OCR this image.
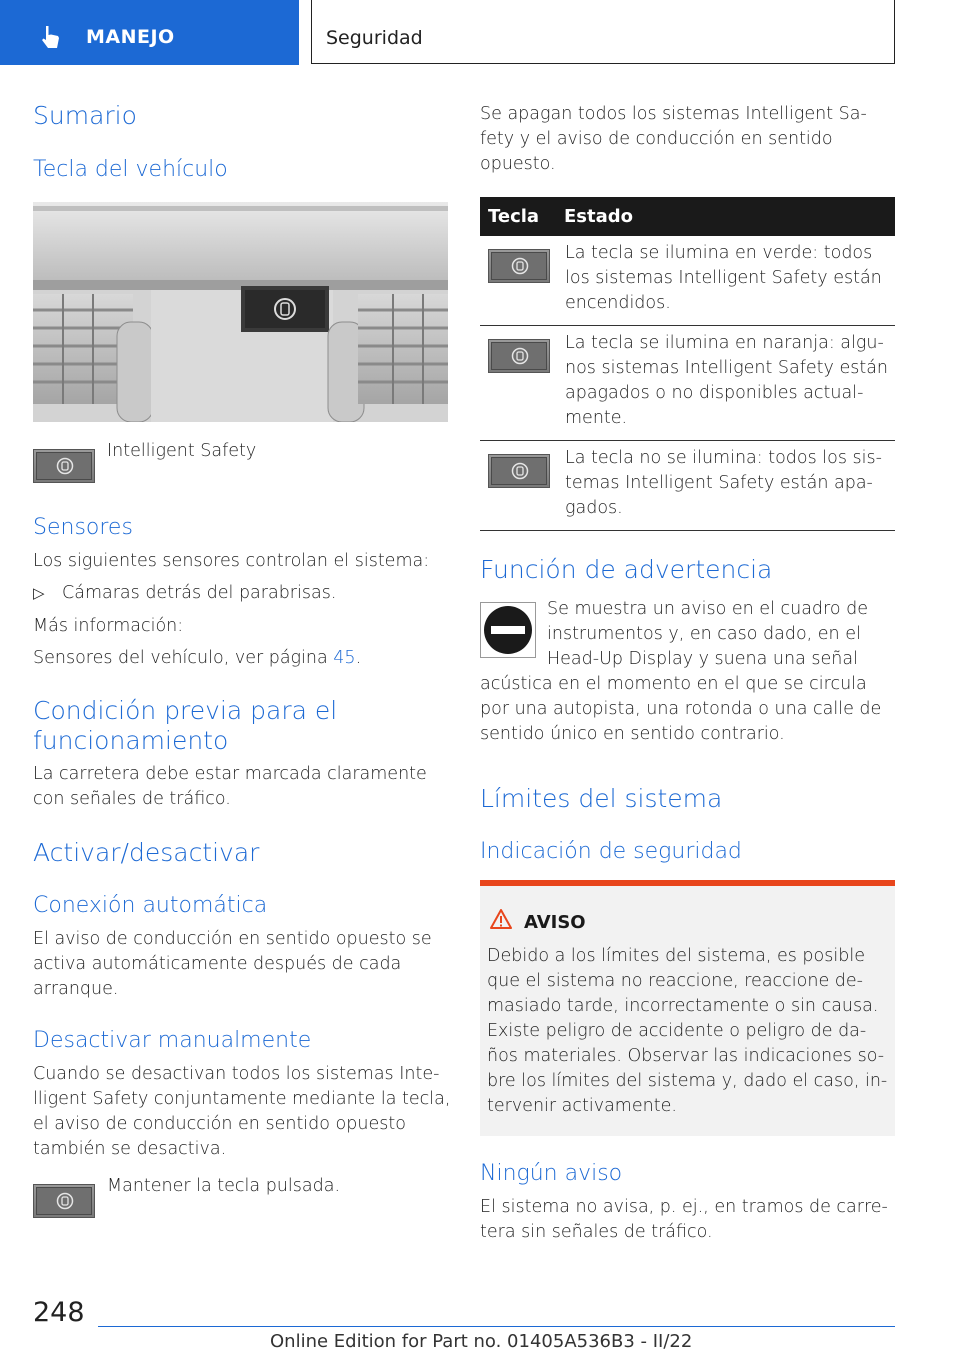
MANEJO	Seguridad
Sumario
Tecla del vehículo
Intelligent Safety
Sensores
Los siguientes sensores controlan el sistema:
▷ Cámaras detrás del parabrisas.
Más información:
Sensores del vehículo, ver página 45.
Condición previa para el
funcionamiento
La carretera debe estar marcada claramente
con señales de tráfico.
Activar/desactivar
Conexión automática
El aviso de conducción en sentido opuesto se
activa automáticamente después de cada
arranque.
Desactivar manualmente
Cuando se desactivan todos los sistemas Inte-
lligent Safety conjuntamente mediante la tecla,
el aviso de conducción en sentido opuesto
también se desactiva.
Mantener la tecla pulsada.
Se apagan todos los sistemas Intelligent Sa-
fety y el aviso de conducción en sentido
opuesto.
Tecla Estado
La tecla se ilumina en verde: todos
los sistemas Intelligent Safety están
encendidos.
La tecla se ilumina en naranja: algu-
nos sistemas Intelligent Safety están
apagados o no disponibles actual-
mente.
La tecla no se ilumina: todos los sis-
temas Intelligent Safety están apa-
gados.
Función de advertencia
Se muestra un aviso en el cuadro de
instrumentos y, en caso dado, en el
Head-Up Display y suena una señal
acústica en el momento en el que se circula
por una autopista, una rotonda o una calle de
sentido único en sentido contrario.
Límites del sistema
Indicación de seguridad
AVISO
Debido a los límites del sistema, es posible
que el sistema no reaccione, reaccione de-
masiado tarde, incorrectamente o sin causa.
Existe peligro de accidente o peligro de da-
ños materiales. Observar las indicaciones so-
bre los límites del sistema y, dado el caso, in-
tervenir activamente.
Ningún aviso
El sistema no avisa, p. ej., en tramos de carre-
tera sin señales de tráfico.
248
Online Edition for Part no. 01405A536B3 - II/22
